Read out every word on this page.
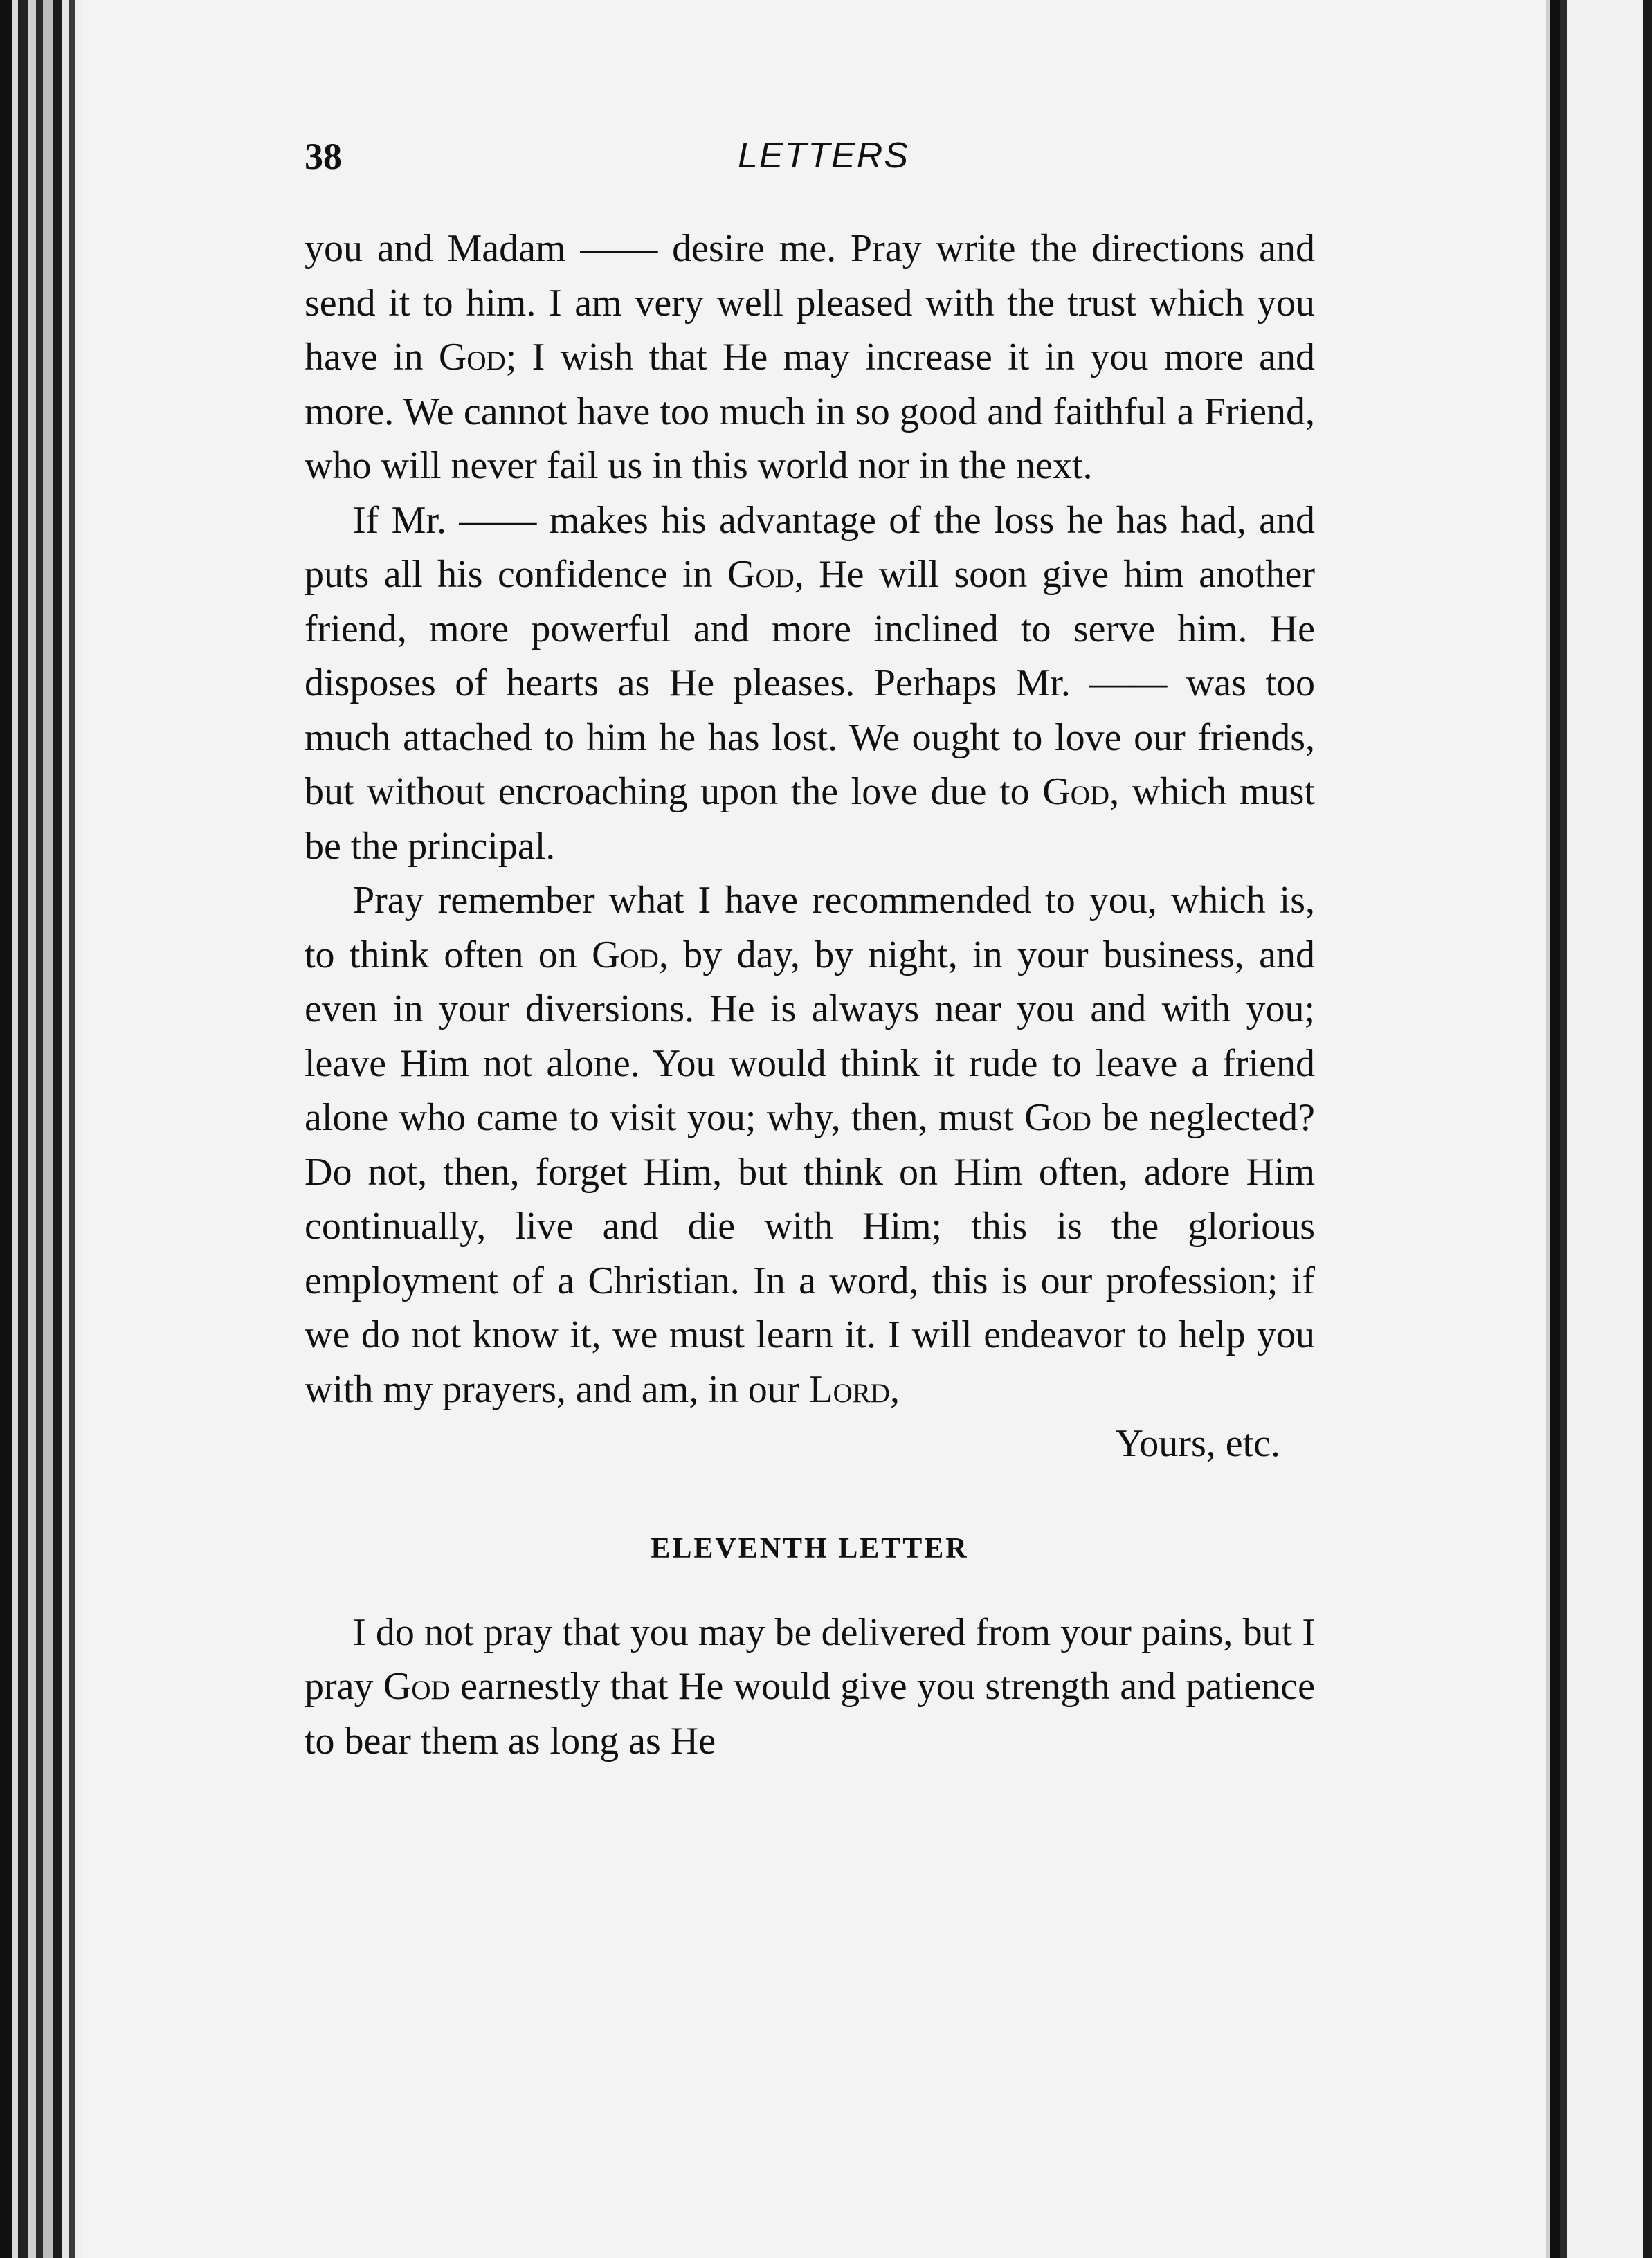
38	LETTERS

you and Madam —— desire me. Pray write the directions and send it to him. I am very well pleased with the trust which you have in God; I wish that He may increase it in you more and more. We cannot have too much in so good and faithful a Friend, who will never fail us in this world nor in the next.

If Mr. —— makes his advantage of the loss he has had, and puts all his confidence in God, He will soon give him another friend, more powerful and more inclined to serve him. He disposes of hearts as He pleases. Perhaps Mr. —— was too much attached to him he has lost. We ought to love our friends, but without encroaching upon the love due to God, which must be the principal.

Pray remember what I have recommended to you, which is, to think often on God, by day, by night, in your business, and even in your diversions. He is always near you and with you; leave Him not alone. You would think it rude to leave a friend alone who came to visit you; why, then, must God be neglected? Do not, then, forget Him, but think on Him often, adore Him continually, live and die with Him; this is the glorious employment of a Christian. In a word, this is our profession; if we do not know it, we must learn it. I will endeavor to help you with my prayers, and am, in our Lord,

Yours, etc.

ELEVENTH LETTER

I do not pray that you may be delivered from your pains, but I pray God earnestly that He would give you strength and patience to bear them as long as He
